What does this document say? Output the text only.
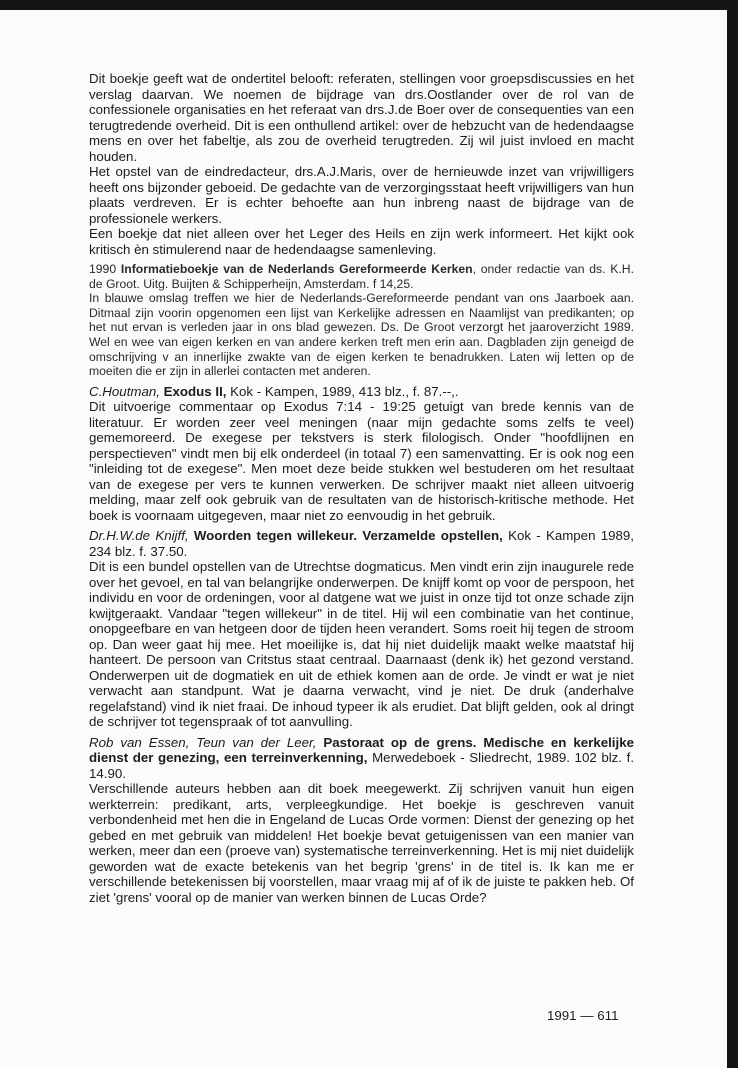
Dit boekje geeft wat de ondertitel belooft: referaten, stellingen voor groepsdiscussies en het verslag daarvan. We noemen de bijdrage van drs.Oostlander over de rol van de confessionele organisaties en het referaat van drs.J.de Boer over de consequenties van een terugtredende overheid. Dit is een onthullend artikel: over de hebzucht van de hedendaagse mens en over het fabeltje, als zou de overheid terugtreden. Zij wil juist invloed en macht houden.

Het opstel van de eindredacteur, drs.A.J.Maris, over de hernieuwde inzet van vrijwilligers heeft ons bijzonder geboeid. De gedachte van de verzorgingsstaat heeft vrijwilligers van hun plaats verdreven. Er is echter behoefte aan hun inbreng naast de bijdrage van de professionele werkers.

Een boekje dat niet alleen over het Leger des Heils en zijn werk informeert. Het kijkt ook kritisch èn stimulerend naar de hedendaagse samenleving.

1990 Informatieboekje van de Nederlands Gereformeerde Kerken, onder redactie van ds. K.H. de Groot. Uitg. Buijten & Schipperheijn, Amsterdam. f 14,25.

In blauwe omslag treffen we hier de Nederlands-Gereformeerde pendant van ons Jaarboek aan. Ditmaal zijn voorin opgenomen een lijst van Kerkelijke adressen en Naamlijst van predikanten; op het nut ervan is verleden jaar in ons blad gewezen. Ds. De Groot verzorgt het jaaroverzicht 1989. Wel en wee van eigen kerken en van andere kerken treft men erin aan. Dagbladen zijn geneigd de omschrijving v an innerlijke zwakte van de eigen kerken te benadrukken. Laten wij letten op de moeiten die er zijn in allerlei contacten met anderen.

C.Houtman, Exodus II, Kok - Kampen, 1989, 413 blz., f. 87.--,.

Dit uitvoerige commentaar op Exodus 7:14 - 19:25 getuigt van brede kennis van de literatuur. Er worden zeer veel meningen (naar mijn gedachte soms zelfs te veel) gememoreerd. De exegese per tekstvers is sterk filologisch. Onder "hoofdlijnen en perspectieven" vindt men bij elk onderdeel (in totaal 7) een samenvatting. Er is ook nog een "inleiding tot de exegese". Men moet deze beide stukken wel bestuderen om het resultaat van de exegese per vers te kunnen verwerken. De schrijver maakt niet alleen uitvoerig melding, maar zelf ook gebruik van de resultaten van de historisch-kritische methode. Het boek is voornaam uitgegeven, maar niet zo eenvoudig in het gebruik.

Dr.H.W.de Knijff, Woorden tegen willekeur. Verzamelde opstellen, Kok - Kampen 1989, 234 blz. f. 37.50.

Dit is een bundel opstellen van de Utrechtse dogmaticus. Men vindt erin zijn inaugurele rede over het gevoel, en tal van belangrijke onderwerpen. De knijff komt op voor de perspoon, het individu en voor de ordeningen, voor al datgene wat we juist in onze tijd tot onze schade zijn kwijtgeraakt. Vandaar "tegen willekeur" in de titel. Hij wil een combinatie van het continue, onopgeefbare en van hetgeen door de tijden heen verandert. Soms roeit hij tegen de stroom op. Dan weer gaat hij mee. Het moeilijke is, dat hij niet duidelijk maakt welke maatstaf hij hanteert. De persoon van Critstus staat centraal. Daarnaast (denk ik) het gezond verstand. Onderwerpen uit de dogmatiek en uit de ethiek komen aan de orde. Je vindt er wat je niet verwacht aan standpunt. Wat je daarna verwacht, vind je niet. De druk (anderhalve regelafstand) vind ik niet fraai. De inhoud typeer ik als erudiet. Dat blijft gelden, ook al dringt de schrijver tot tegenspraak of tot aanvulling.

Rob van Essen, Teun van der Leer, Pastoraat op de grens. Medische en kerkelijke dienst der genezing, een terreinverkenning, Merwedeboek - Sliedrecht, 1989. 102 blz. f. 14.90.

Verschillende auteurs hebben aan dit boek meegewerkt. Zij schrijven vanuit hun eigen werkterrein: predikant, arts, verpleegkundige. Het boekje is geschreven vanuit verbondenheid met hen die in Engeland de Lucas Orde vormen: Dienst der genezing op het gebed en met gebruik van middelen! Het boekje bevat getuigenissen van een manier van werken, meer dan een (proeve van) systematische terreinverkenning. Het is mij niet duidelijk geworden wat de exacte betekenis van het begrip 'grens' in de titel is. Ik kan me er verschillende betekenissen bij voorstellen, maar vraag mij af of ik de juiste te pakken heb. Of ziet 'grens' vooral op de manier van werken binnen de Lucas Orde?

1991 — 611
